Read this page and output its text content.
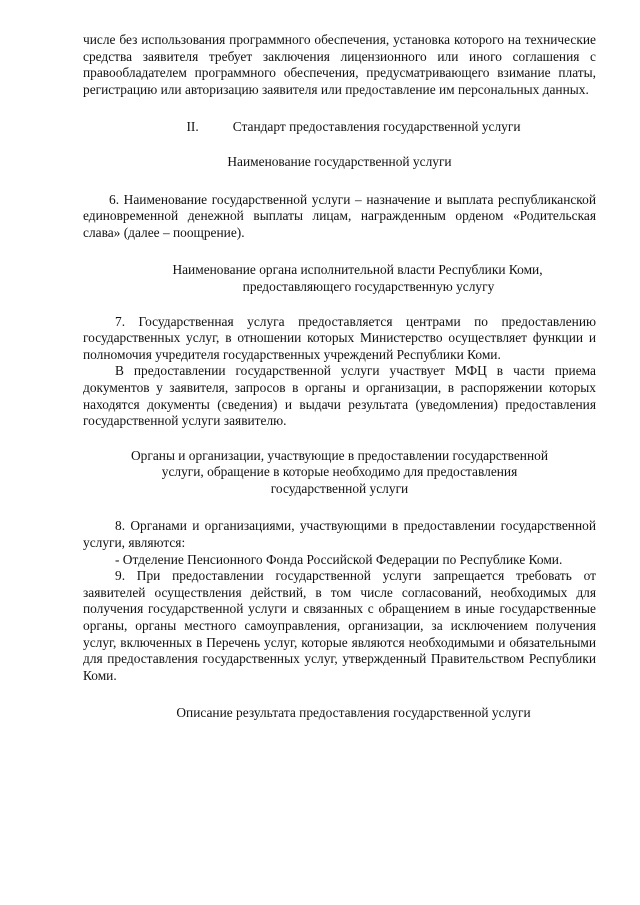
числе без использования программного обеспечения, установка которого на технические средства заявителя требует заключения лицензионного или иного соглашения с правообладателем программного обеспечения, предусматривающего взимание платы, регистрацию или авторизацию заявителя или предоставление им персональных данных.

II.	Стандарт предоставления государственной услуги

Наименование государственной услуги

6. Наименование государственной услуги – назначение и выплата республиканской единовременной денежной выплаты лицам, награжденным орденом «Родительская слава» (далее – поощрение).

Наименование органа исполнительной власти Республики Коми,

предоставляющего государственную услугу

7. Государственная услуга предоставляется центрами по предоставлению государственных услуг, в отношении которых Министерство осуществляет функции и полномочия учредителя государственных учреждений Республики Коми.

В предоставлении государственной услуги участвует МФЦ в части приема документов у заявителя, запросов в органы и организации, в распоряжении которых находятся документы (сведения) и выдачи результата (уведомления) предоставления государственной услуги заявителю.

Органы и организации, участвующие в предоставлении государственной

услуги, обращение в которые необходимо для предоставления

государственной услуги

8. Органами и организациями, участвующими в предоставлении государственной услуги, являются:

- Отделение Пенсионного Фонда Российской Федерации по Республике Коми.

9. При предоставлении государственной услуги запрещается требовать от заявителей осуществления действий, в том числе согласований, необходимых для получения государственной услуги и связанных с обращением в иные государственные органы, органы местного самоуправления, организации, за исключением получения услуг, включенных в Перечень услуг, которые являются необходимыми и обязательными для предоставления государственных услуг, утвержденный Правительством Республики Коми.

Описание результата предоставления государственной услуги
